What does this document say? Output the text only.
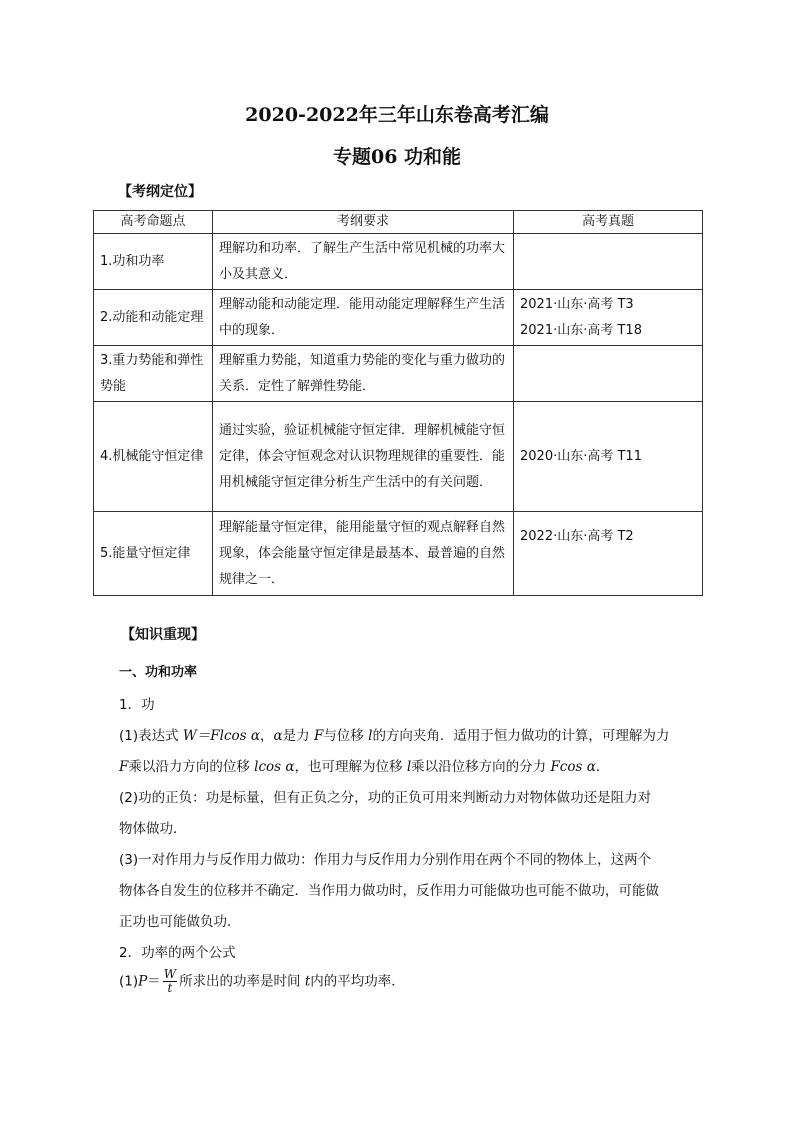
2020-2022年三年山东卷高考汇编
专题06 功和能
【考纲定位】
高考命题点	考纲要求	高考真题
1.功和功率	理解功和功率．了解生产生活中常见机械的功率大小及其意义．	
2.动能和动能定理	理解动能和动能定理．能用动能定理解释生产生活中的现象．	2021·山东·高考 T3
2021·山东·高考 T18

3.重力势能和弹性势能	理解重力势能，知道重力势能的变化与重力做功的关系．定性了解弹性势能．	
4.机械能守恒定律	通过实验，验证机械能守恒定律．理解机械能守恒定律，体会守恒观念对认识物理规律的重要性．能用机械能守恒定律分析生产生活中的有关问题．	2020·山东·高考 T11

5.能量守恒定律	理解能量守恒定律，能用能量守恒的观点解释自然现象，体会能量守恒定律是最基本、最普遍的自然规律之一．	2022·山东·高考 T2
【知识重现】
一、功和功率
1．功
(1)表达式 W＝Flcos α，α是力 F与位移 l的方向夹角．适用于恒力做功的计算，可理解为力
F乘以沿力方向的位移 lcos α，也可理解为位移 l乘以沿位移方向的分力 Fcos α．
(2)功的正负：功是标量，但有正负之分，功的正负可用来判断动力对物体做功还是阻力对
物体做功．
(3)一对作用力与反作用力做功：作用力与反作用力分别作用在两个不同的物体上，这两个
物体各自发生的位移并不确定．当作用力做功时，反作用力可能做功也可能不做功，可能做
正功也可能做负功．
2．功率的两个公式
$(1)P= \frac{W}{t}$ 所求出的功率是时间 t内的平均功率．
